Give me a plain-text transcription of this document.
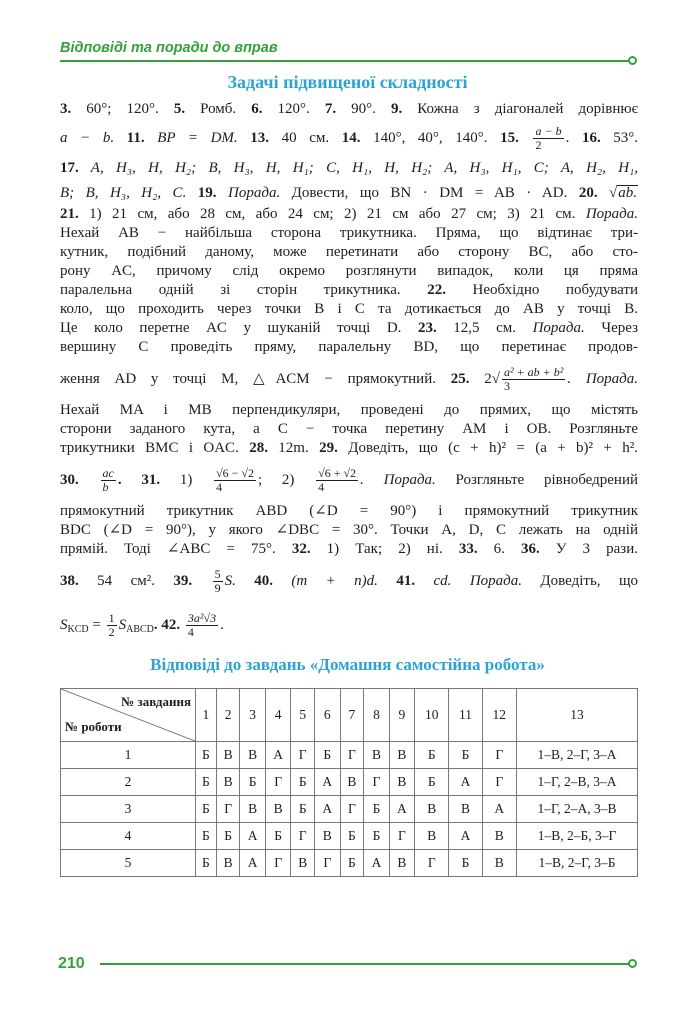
Відповіді та поради до вправ
Задачі підвищеної складності
3. 60°; 120°. 5. Ромб. 6. 120°. 7. 90°. 9. Кожна з діагоналей дорівнює
a − b. 11. BP = DM. 13. 40 см. 14. 140°, 40°, 140°. 15. $\frac{a - b}{2}$ . 16. 53°.
17. A, H₃, H, H₂; B, H₃, H, H₁; C, H₁, H, H₂; A, H₃, H₁, C; A, H₂, H₁,
B; B, H₃, H₂, C. 19. Порада. Довести, що BN · DM = AB · AD. 20. √ab.
21. 1) 21 см, або 28 см, або 24 см; 2) 21 см або 27 см; 3) 21 см. Порада.
Нехай AB − найбільша сторона трикутника. Пряма, що відтинає три-
кутник, подібний даному, може перетинати або сторону BC, або сто-
рону AC, причому слід окремо розглянути випадок, коли ця пряма
паралельна одній зі сторін трикутника. 22. Необхідно побудувати
коло, що проходить через точки B і C та дотикається до AB у точці B.
Це коло перетне AC у шуканій точці D. 23. 12,5 см. Порада. Через
вершину C проведіть пряму, паралельну BD, що перетинає продов-
ження AD у точці M, △ACM − прямокутний. 25. $2√ \frac{\text{a² + ab + b²}}{3}$ . Порада.
Нехай MA і MB перпендикуляри, проведені до прямих, що містять
сторони заданого кута, а C − точка перетину AM і OB. Розгляньте
трикутники BMC і OAC. 28. 12m. 29. Доведіть, що (c + h)² = (a + b)² + h².
30. $\frac{ac}{b}$ . 31. $1) \frac{√6 - √2}{4}$ ; $2) \frac{√6 + √2}{4}$ . Порада. Розгляньте рівнобедрений
прямокутний трикутник ABD (∠D = 90°) і прямокутний трикутник
BDC (∠D = 90°), у якого ∠DBC = 30°. Точки A, D, C лежать на одній
прямій. Тоді ∠ABC = 75°. 32. 1) Так; 2) ні. 33. 6. 36. У 3 рази.
38. 54 см². 39. $\frac{5}{9} S$. 40. (m + n)d. 41. cd. Порада. Доведіть, що
$S_{KCD} = \frac{1}{2} S_{ABCD}$. 42. $\frac{\text{3a²√3}}{4}$ .
Відповіді до завдань «Домашня самостійна робота»
№ завдання
№ роботи	1	2	3	4	5	6	7	8	9	10	11	12	13
1	Б	В	В	А	Г	Б	Г	В	В	Б	Б	Г	1–В, 2–Г, 3–А
2	Б	В	Б	Г	Б	А	В	Г	В	Б	А	Г	1–Г, 2–В, 3–А
3	Б	Г	В	В	Б	А	Г	Б	А	В	В	А	1–Г, 2–А, 3–В
4	Б	Б	А	Б	Г	В	Б	Б	Г	В	А	В	1–В, 2–Б, 3–Г
5	Б	В	А	Г	В	Г	Б	А	В	Г	Б	В	1–В, 2–Г, 3–Б
210
